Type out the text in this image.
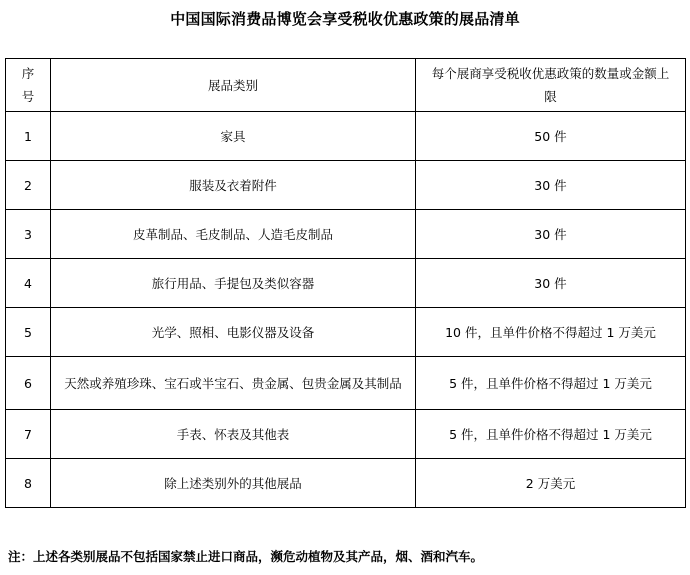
中国国际消费品博览会享受税收优惠政策的展品清单
序
号	展品类别	每个展商享受税收优惠政策的数量或金额上限
1	家具	50 件
2	服装及衣着附件	30 件
3	皮革制品、毛皮制品、人造毛皮制品	30 件
4	旅行用品、手提包及类似容器	30 件
5	光学、照相、电影仪器及设备	10 件，且单件价格不得超过 1 万美元
6	天然或养殖珍珠、宝石或半宝石、贵金属、包贵金属及其制品	5 件，且单件价格不得超过 1 万美元
7	手表、怀表及其他表	5 件，且单件价格不得超过 1 万美元
8	除上述类别外的其他展品	2 万美元
注：上述各类别展品不包括国家禁止进口商品，濒危动植物及其产品，烟、酒和汽车。
